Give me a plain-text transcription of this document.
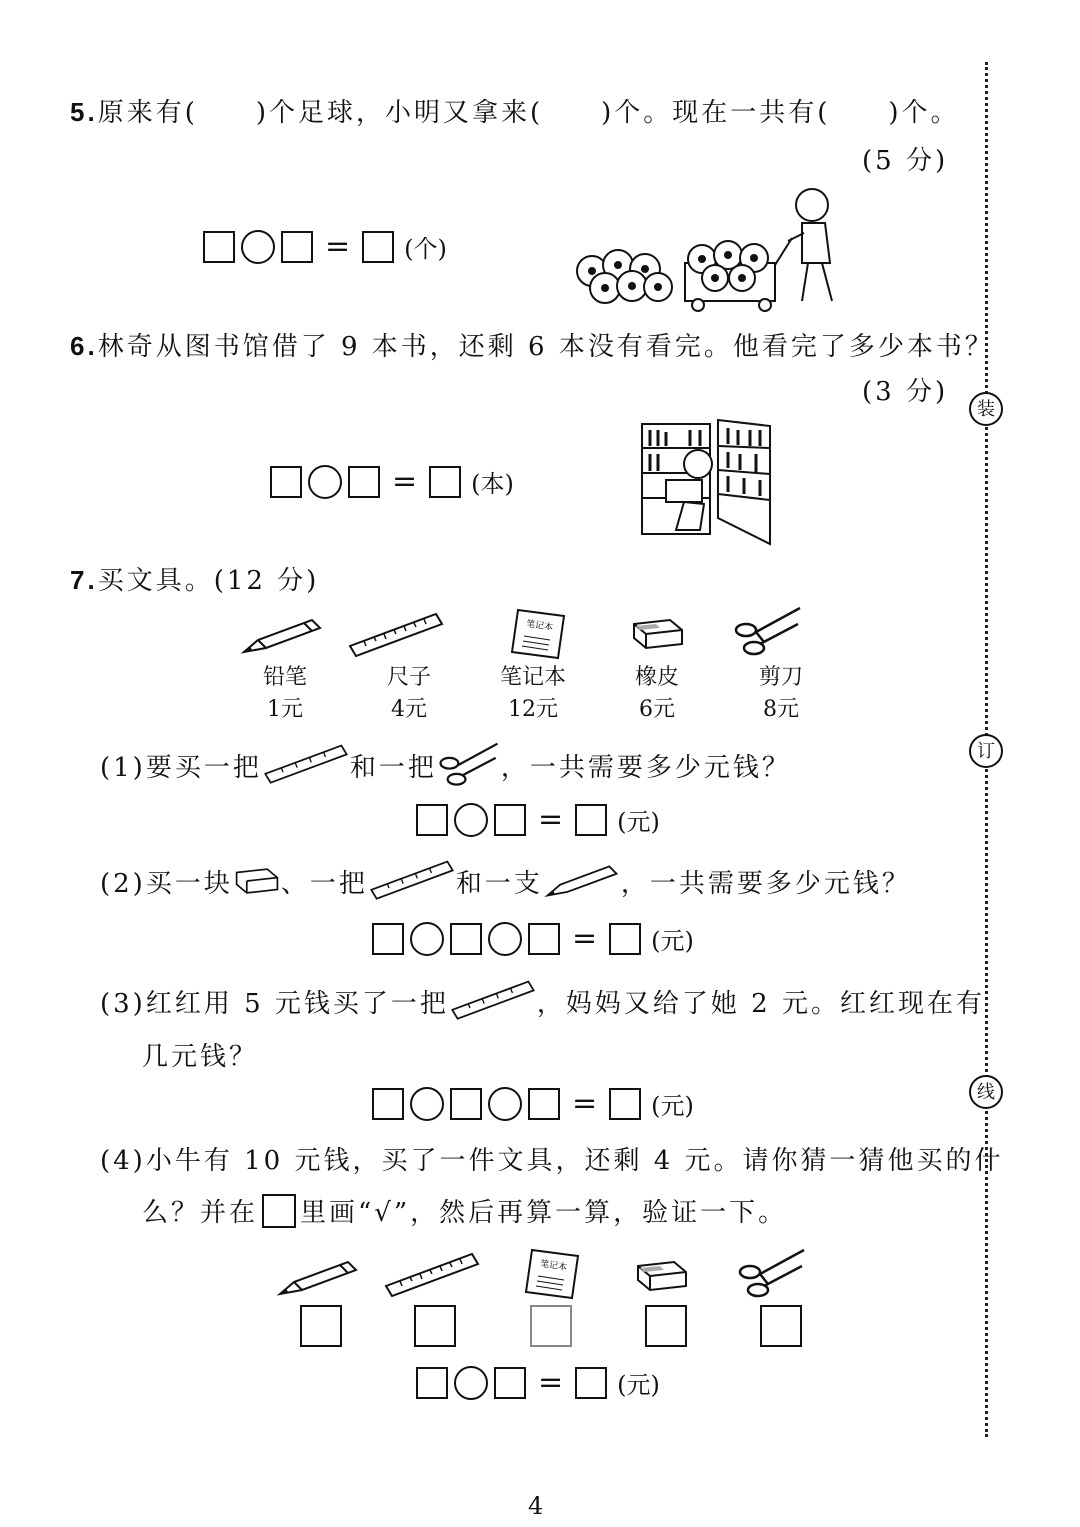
装
订
线
5.原来有(　　)个足球，小明又拿来(　　)个。现在一共有(　　)个。
(5 分)
= (个)
6.林奇从图书馆借了 9 本书，还剩 6 本没有看完。他看完了多少本书？
(3 分)
= (本)
7.买文具。(12 分)
笔记本
铅笔
1元
尺子
4元
笔记本
12元
橡皮
6元
剪刀
8元
(1)要买一把	和一把 ，一共需要多少元钱？
= (元)
(2)买一块 、一把	和一支	，一共需要多少元钱？
= (元)
(3)红红用 5 元钱买了一把	，妈妈又给了她 2 元。红红现在有
几元钱？
= (元)
(4)小牛有 10 元钱，买了一件文具，还剩 4 元。请你猜一猜他买的什
么？并在 里画“√”，然后再算一算，验证一下。
笔记本
= (元)
4
